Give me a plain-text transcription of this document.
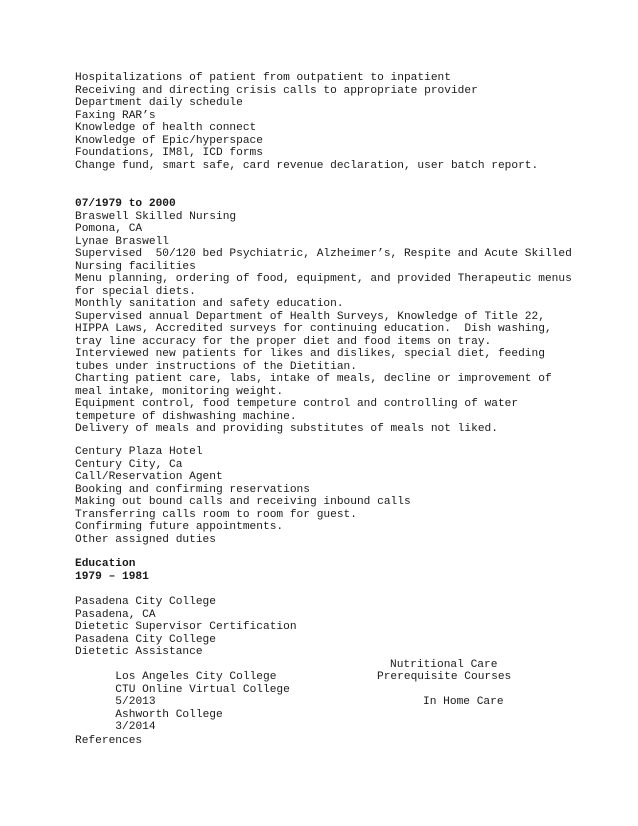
Hospitalizations of patient from outpatient to inpatient
Receiving and directing crisis calls to appropriate provider
Department daily schedule
Faxing RAR’s
Knowledge of health connect
Knowledge of Epic/hyperspace
Foundations, IM8l, ICD forms
Change fund, smart safe, card revenue declaration, user batch report.
07/1979 to 2000
Braswell Skilled Nursing
Pomona, CA
Lynae Braswell
Supervised  50/120 bed Psychiatric, Alzheimer’s, Respite and Acute Skilled
Nursing facilities
Menu planning, ordering of food, equipment, and provided Therapeutic menus
for special diets.
Monthly sanitation and safety education.
Supervised annual Department of Health Surveys, Knowledge of Title 22,
HIPPA Laws, Accredited surveys for continuing education.  Dish washing,
tray line accuracy for the proper diet and food items on tray.
Interviewed new patients for likes and dislikes, special diet, feeding
tubes under instructions of the Dietitian.
Charting patient care, labs, intake of meals, decline or improvement of
meal intake, monitoring weight.
Equipment control, food tempeture control and controlling of water
tempeture of dishwashing machine.
Delivery of meals and providing substitutes of meals not liked.
Century Plaza Hotel
Century City, Ca
Call/Reservation Agent
Booking and confirming reservations
Making out bound calls and receiving inbound calls
Transferring calls room to room for guest.
Confirming future appointments.
Other assigned duties
Education
1979 – 1981
Pasadena City College
Pasadena, CA
Dietetic Supervisor Certification
Pasadena City College
Dietetic Assistance

Los Angeles City College

Nutritional Care

CTU Online Virtual College

Prerequisite Courses

5/2013

Ashworth College

In Home Care

3/2014

References
